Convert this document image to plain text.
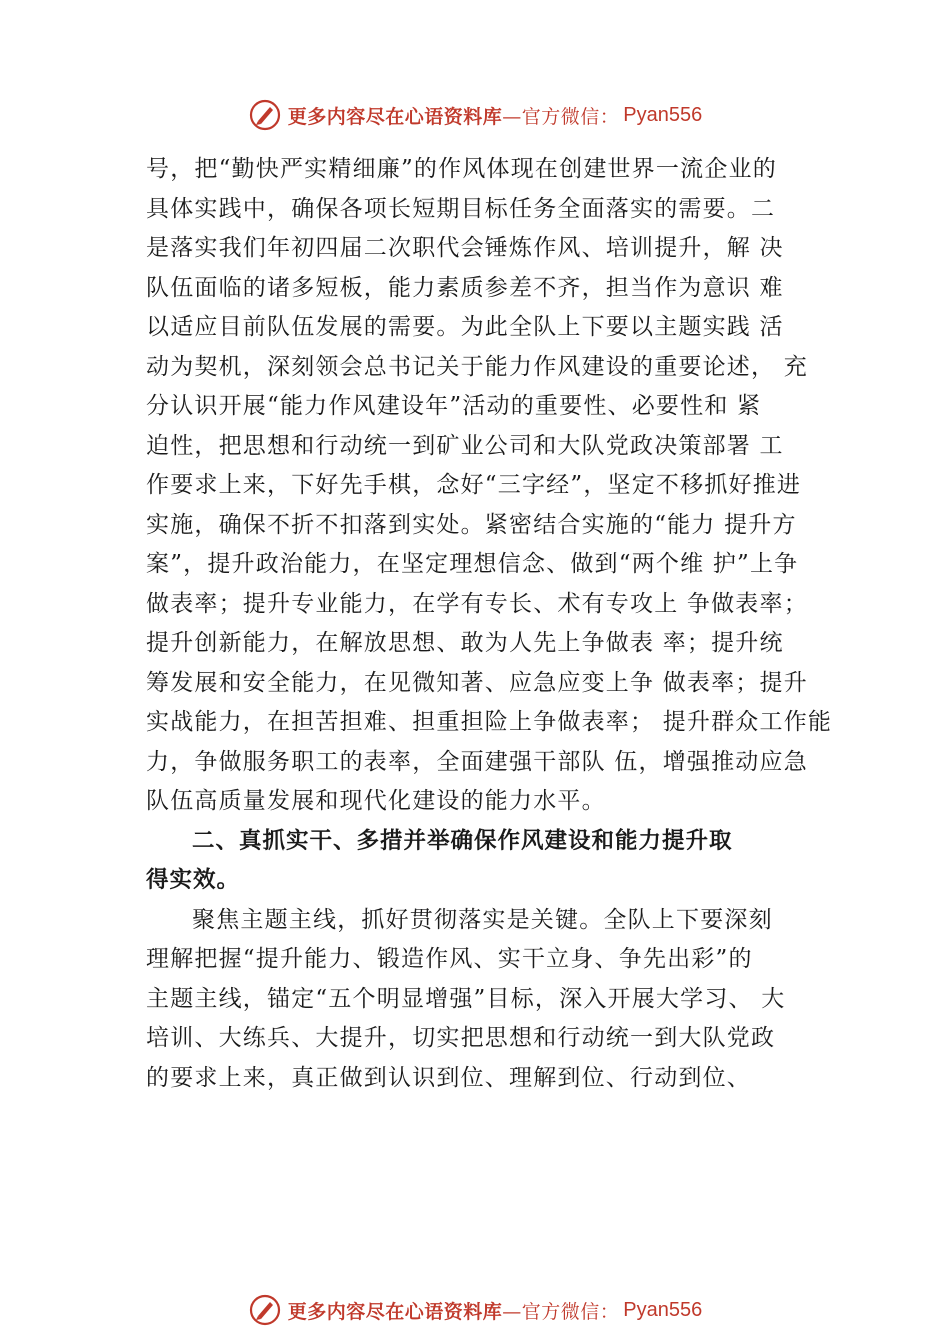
更多内容尽在心语资料库 —官方微信： Pyan556
号，把“勤快严实精细廉”的作风体现在创建世界一流企业的
具体实践中，确保各项长短期目标任务全面落实的需要。二
是落实我们年初四届二次职代会锤炼作风、培训提升，解 决
队伍面临的诸多短板，能力素质参差不齐，担当作为意识 难
以适应目前队伍发展的需要。为此全队上下要以主题实践 活
动为契机，深刻领会总书记关于能力作风建设的重要论述， 充
分认识开展“能力作风建设年”活动的重要性、必要性和 紧
迫性，把思想和行动统一到矿业公司和大队党政决策部署 工
作要求上来，下好先手棋，念好“三字经”，坚定不移抓好推进
实施，确保不折不扣落到实处。紧密结合实施的“能力 提升方
案”，提升政治能力，在坚定理想信念、做到“两个维 护”上争
做表率；提升专业能力，在学有专长、术有专攻上 争做表率；
提升创新能力，在解放思想、敢为人先上争做表 率；提升统
筹发展和安全能力，在见微知著、应急应变上争 做表率；提升
实战能力，在担苦担难、担重担险上争做表率； 提升群众工作能
力，争做服务职工的表率，全面建强干部队 伍，增强推动应急
队伍高质量发展和现代化建设的能力水平。
二、真抓实干、多措并举确保作风建设和能力提升取
得实效。
聚焦主题主线，抓好贯彻落实是关键。全队上下要深刻
理解把握“提升能力、锻造作风、实干立身、争先出彩”的
主题主线，锚定“五个明显增强”目标，深入开展大学习、 大
培训、大练兵、大提升，切实把思想和行动统一到大队党政
的要求上来，真正做到认识到位、理解到位、行动到位、
更多内容尽在心语资料库 —官方微信： Pyan556
